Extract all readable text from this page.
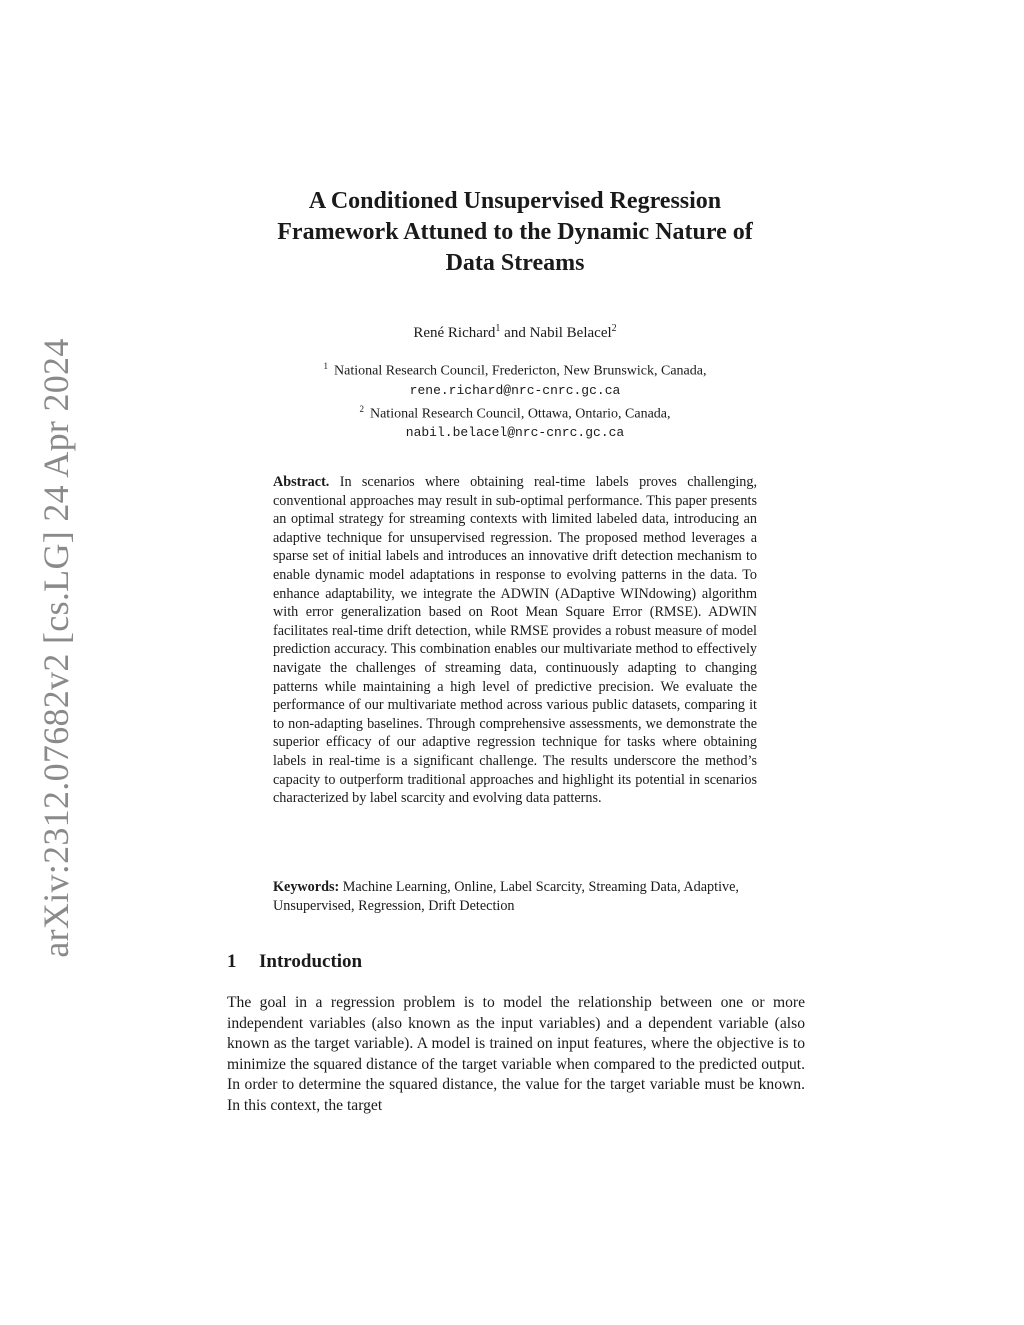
arXiv:2312.07682v2 [cs.LG] 24 Apr 2024
A Conditioned Unsupervised Regression
Framework Attuned to the Dynamic Nature of
Data Streams
René Richard$^1$ and Nabil Belacel$^2$
$^1$ National Research Council, Fredericton, New Brunswick, Canada,
rene.richard@nrc-cnrc.gc.ca
$^2$ National Research Council, Ottawa, Ontario, Canada,
nabil.belacel@nrc-cnrc.gc.ca

Abstract. In scenarios where obtaining real-time labels proves challenging, conventional approaches may result in sub-optimal performance. This paper presents an optimal strategy for streaming contexts with limited labeled data, introducing an adaptive technique for unsupervised regression. The proposed method leverages a sparse set of initial labels and introduces an innovative drift detection mechanism to enable dynamic model adaptations in response to evolving patterns in the data. To enhance adaptability, we integrate the ADWIN (ADaptive WINdowing) algorithm with error generalization based on Root Mean Square Error (RMSE). ADWIN facilitates real-time drift detection, while RMSE provides a robust measure of model prediction accuracy. This combination enables our multivariate method to effectively navigate the challenges of streaming data, continuously adapting to changing patterns while maintaining a high level of predictive precision. We evaluate the performance of our multivariate method across various public datasets, comparing it to non-adapting baselines. Through comprehensive assessments, we demonstrate the superior efficacy of our adaptive regression technique for tasks where obtaining labels in real-time is a significant challenge. The results underscore the method’s capacity to outperform traditional approaches and highlight its potential in scenarios characterized by label scarcity and evolving data patterns.

Keywords: Machine Learning, Online, Label Scarcity, Streaming Data, Adaptive, Unsupervised, Regression, Drift Detection
1 Introduction

The goal in a regression problem is to model the relationship between one or more independent variables (also known as the input variables) and a dependent variable (also known as the target variable). A model is trained on input features, where the objective is to minimize the squared distance of the target variable when compared to the predicted output. In order to determine the squared distance, the value for the target variable must be known. In this context, the target
